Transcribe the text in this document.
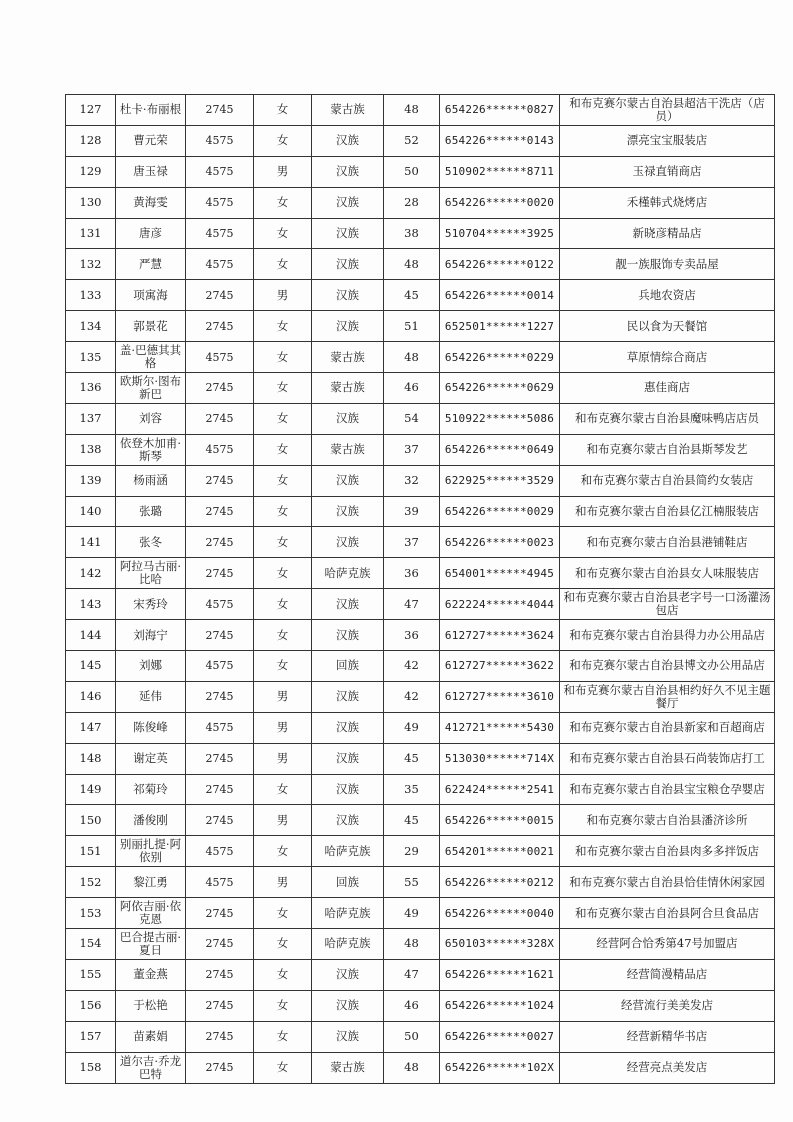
127	杜卡·布丽根	2745	女	蒙古族	48	654226******0827	和布克赛尔蒙古自治县超洁干洗店（店员）
128	曹元荣	4575	女	汉族	52	654226******0143	漂亮宝宝服装店
129	唐玉禄	4575	男	汉族	50	510902******8711	玉禄直销商店
130	黄海雯	4575	女	汉族	28	654226******0020	禾槿韩式烧烤店
131	唐彦	4575	女	汉族	38	510704******3925	新晓彦精品店
132	严慧	4575	女	汉族	48	654226******0122	靓一族服饰专卖品屋
133	项寓海	2745	男	汉族	45	654226******0014	兵地农资店
134	郭景花	2745	女	汉族	51	652501******1227	民以食为天餐馆
135	盖·巴德其其格	4575	女	蒙古族	48	654226******0229	草原情综合商店
136	欧斯尔·图布新巴	2745	女	蒙古族	46	654226******0629	惠佳商店
137	刘容	2745	女	汉族	54	510922******5086	和布克赛尔蒙古自治县魔味鸭店店员
138	依登木加甫·斯琴	4575	女	蒙古族	37	654226******0649	和布克赛尔蒙古自治县斯琴发艺
139	杨雨涵	2745	女	汉族	32	622925******3529	和布克赛尔蒙古自治县简约女装店
140	张璐	2745	女	汉族	39	654226******0029	和布克赛尔蒙古自治县亿江楠服装店
141	张冬	2745	女	汉族	37	654226******0023	和布克赛尔蒙古自治县港铺鞋店
142	阿拉马古丽·比哈	2745	女	哈萨克族	36	654001******4945	和布克赛尔蒙古自治县女人味服装店
143	宋秀玲	4575	女	汉族	47	622224******4044	和布克赛尔蒙古自治县老字号一口汤灌汤包店
144	刘海宁	2745	女	汉族	36	612727******3624	和布克赛尔蒙古自治县得力办公用品店
145	刘娜	4575	女	回族	42	612727******3622	和布克赛尔蒙古自治县博文办公用品店
146	延伟	2745	男	汉族	42	612727******3610	和布克赛尔蒙古自治县相约好久不见主题餐厅
147	陈俊峰	4575	男	汉族	49	412721******5430	和布克赛尔蒙古自治县新家和百超商店
148	谢定英	2745	男	汉族	45	513030******714X	和布克赛尔蒙古自治县石尚装饰店打工
149	祁菊玲	2745	女	汉族	35	622424******2541	和布克赛尔蒙古自治县宝宝粮仓孕婴店
150	潘俊刚	2745	男	汉族	45	654226******0015	和布克赛尔蒙古自治县潘济诊所
151	别丽扎提·阿依别	4575	女	哈萨克族	29	654201******0021	和布克赛尔蒙古自治县肉多多拌饭店
152	黎江勇	4575	男	回族	55	654226******0212	和布克赛尔蒙古自治县恰佳情休闲家园
153	阿依吉丽·依克恩	2745	女	哈萨克族	49	654226******0040	和布克赛尔蒙古自治县阿合旦食品店
154	巴合提古丽·夏日	2745	女	哈萨克族	48	650103******328X	经营阿合恰秀第47号加盟店
155	董金燕	2745	女	汉族	47	654226******1621	经营简漫精品店
156	于松艳	2745	女	汉族	46	654226******1024	经营流行美美发店
157	苗素娟	2745	女	汉族	50	654226******0027	经营新精华书店
158	道尔吉·乔龙巴特	2745	女	蒙古族	48	654226******102X	经营亮点美发店
